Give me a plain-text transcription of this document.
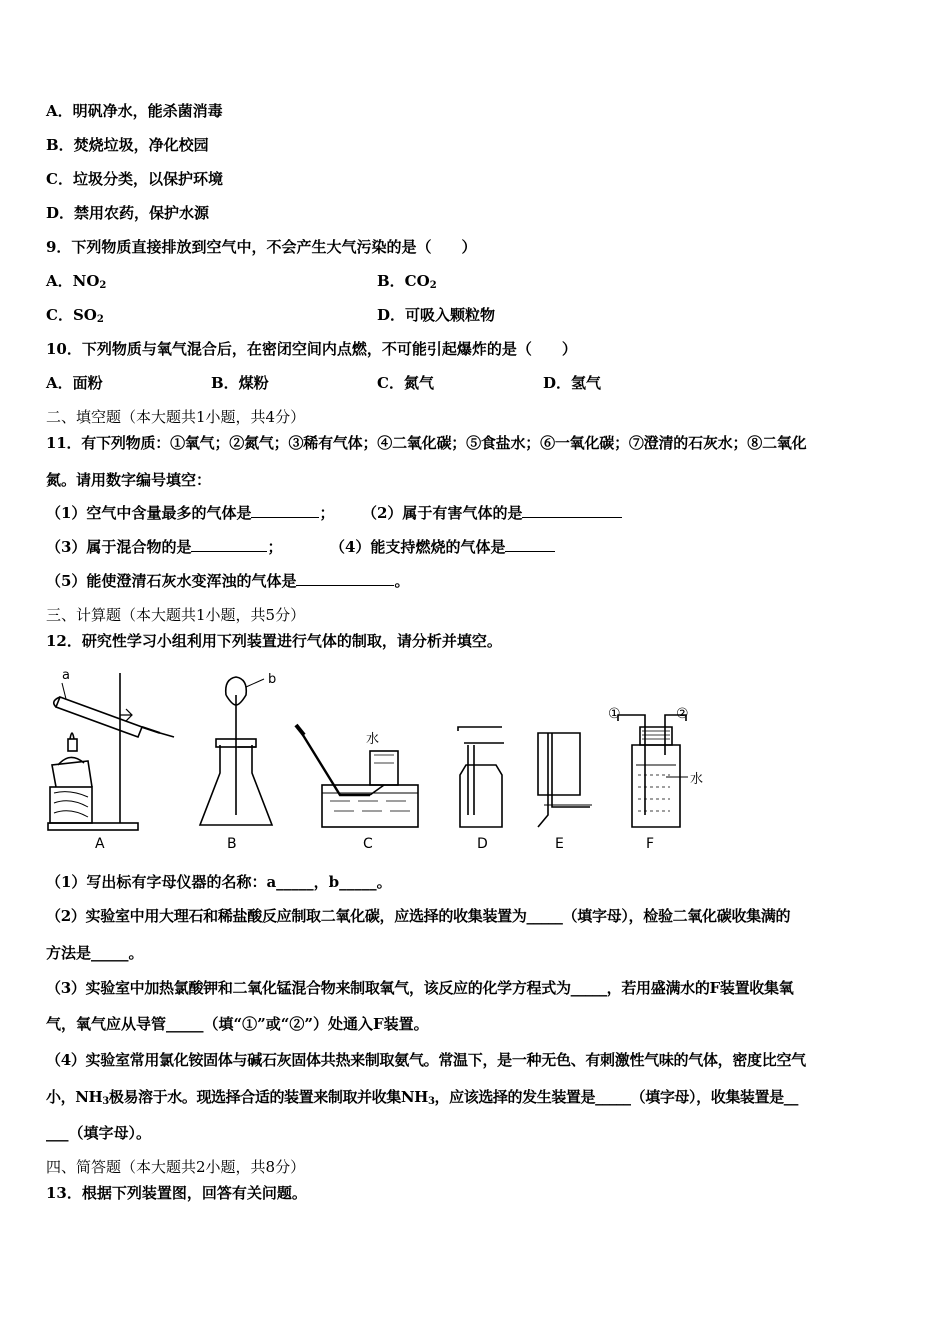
A．明矾净水，能杀菌消毒
B．焚烧垃圾，净化校园
C．垃圾分类，以保护环境
D．禁用农药，保护水源
9．下列物质直接排放到空气中，不会产生大气污染的是（　　）
A．$NO_2$	B．$CO_2$
C．$SO_2$	D．可吸入颗粒物
10．下列物质与氧气混合后，在密闭空间内点燃，不可能引起爆炸的是（　　）
A．面粉	B．煤粉	C．氮气	D．氢气
二、填空题（本大题共1小题，共4分）
11．有下列物质：①氧气；②氮气；③稀有气体；④二氧化碳；⑤食盐水；⑥一氧化碳；⑦澄清的石灰水；⑧二氧化
氮。请用数字编号填空：
（1）空气中含量最多的气体是	； （2）属于有害气体的是
（3）属于混合物的是	；	（4）能支持燃烧的气体是
（5）能使澄清石灰水变浑浊的气体是	。
三、计算题（本大题共1小题，共5分）
12．研究性学习小组利用下列装置进行气体的制取，请分析并填空。
a
A
b
B
水
C	D	E
①	②
水
F
（1）写出标有字母仪器的名称：a_____，b_____。
（2）实验室中用大理石和稀盐酸反应制取二氧化碳，应选择的收集装置为_____（填字母），检验二氧化碳收集满的
方法是_____。
（3）实验室中加热氯酸钾和二氧化锰混合物来制取氧气，该反应的化学方程式为_____，若用盛满水的F装置收集氧
气，氧气应从导管_____（填“①”或“②”）处通入F装置。
（4）实验室常用氯化铵固体与碱石灰固体共热来制取氨气。常温下，是一种无色、有刺激性气味的气体，密度比空气
小，$NH_3$极易溶于水。现选择合适的装置来制取并收集$NH_3$，应该选择的发生装置是_____（填字母），收集装置是__
___（填字母）。
四、简答题（本大题共2小题，共8分）
13．根据下列装置图，回答有关问题。
